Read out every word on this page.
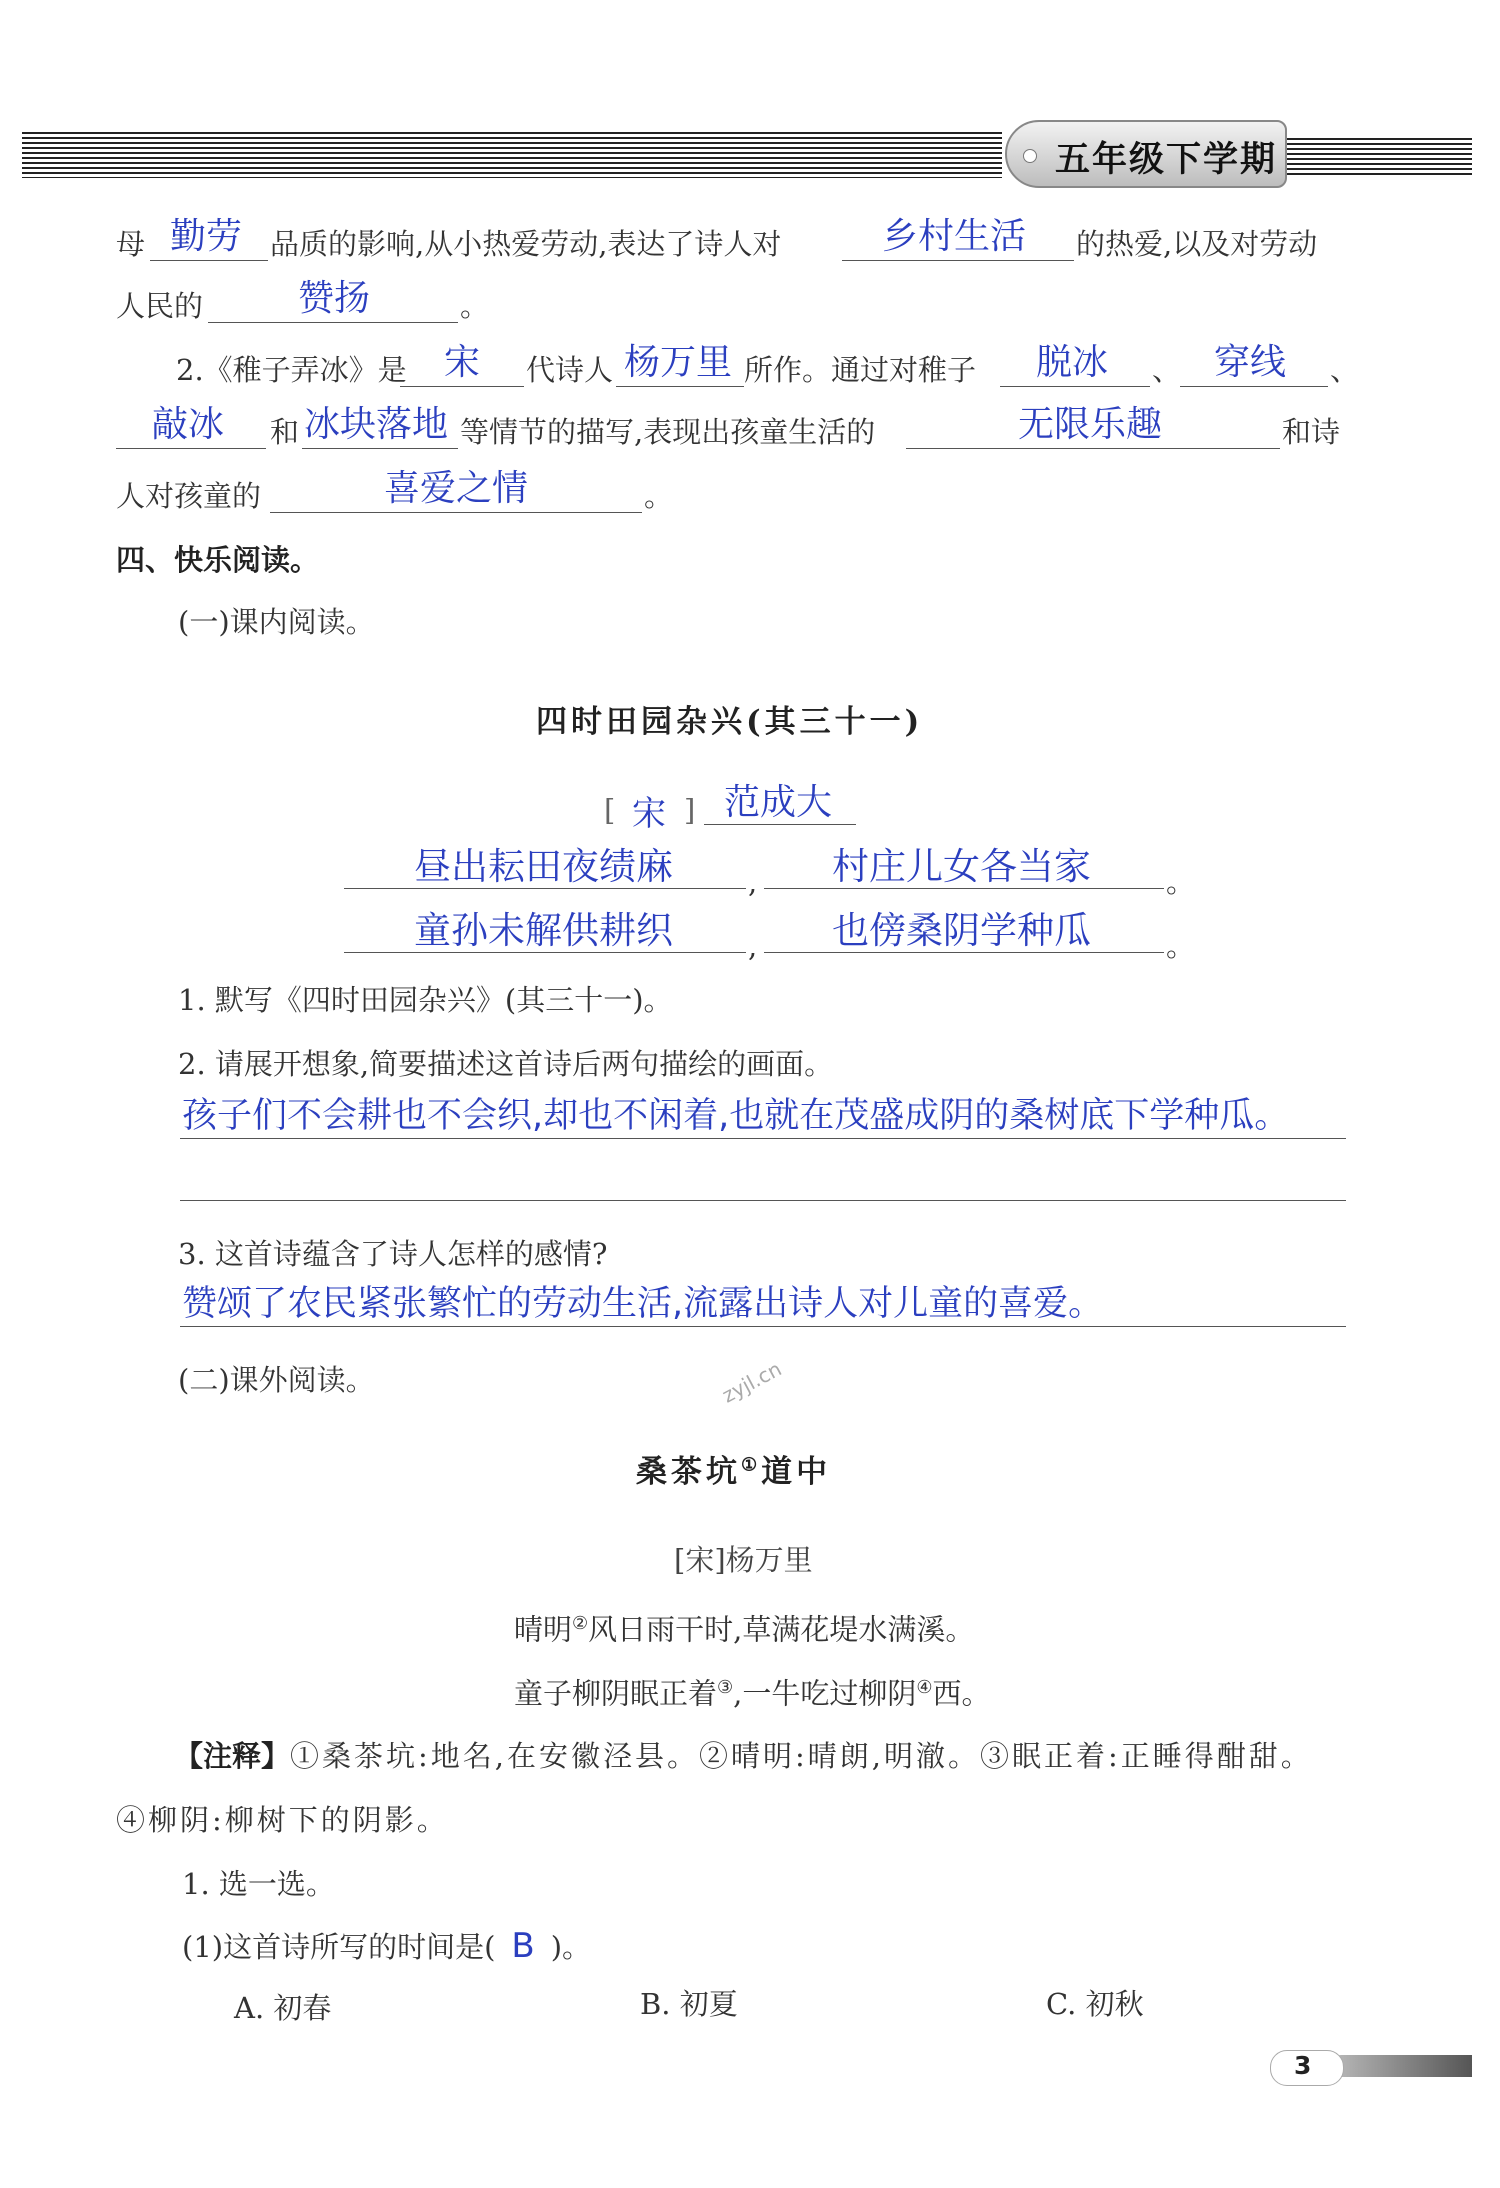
五年级下学期
母 勤劳 品质的影响,从小热爱劳动,表达了诗人对	乡村生活 的热爱,以及对劳动
人民的	赞扬	。
2.《稚子弄冰》是 宋 代诗人 杨万里 所作。通过对稚子 脱冰 、 穿线 、
敲冰 和 冰块落地 等情节的描写,表现出孩童生活的	无限乐趣	和诗
人对孩童的	喜爱之情	。
四、快乐阅读。
(一)课内阅读。
四时田园杂兴(其三十一)
[ 宋 ] 范成大
昼出耘田夜绩麻	, 村庄儿女各当家	。
童孙未解供耕织	, 也傍桑阴学种瓜	。
1. 默写《四时田园杂兴》(其三十一)。
2. 请展开想象,简要描述这首诗后两句描绘的画面。
孩子们不会耕也不会织,却也不闲着,也就在茂盛成阴的桑树底下学种瓜。
3. 这首诗蕴含了诗人怎样的感情?
赞颂了农民紧张繁忙的劳动生活,流露出诗人对儿童的喜爱。
(二)课外阅读。	zyjl.cn
桑茶坑①道中
[宋]杨万里
晴明②风日雨干时,草满花堤水满溪。
童子柳阴眠正着③,一牛吃过柳阴④西。
【注释】①桑茶坑:地名,在安徽泾县。②晴明:晴朗,明澈。③眠正着:正睡得酣甜。
④柳阴:柳树下的阴影。
1. 选一选。
(1)这首诗所写的时间是( B )。
A. 初春	B. 初夏	C. 初秋
3
